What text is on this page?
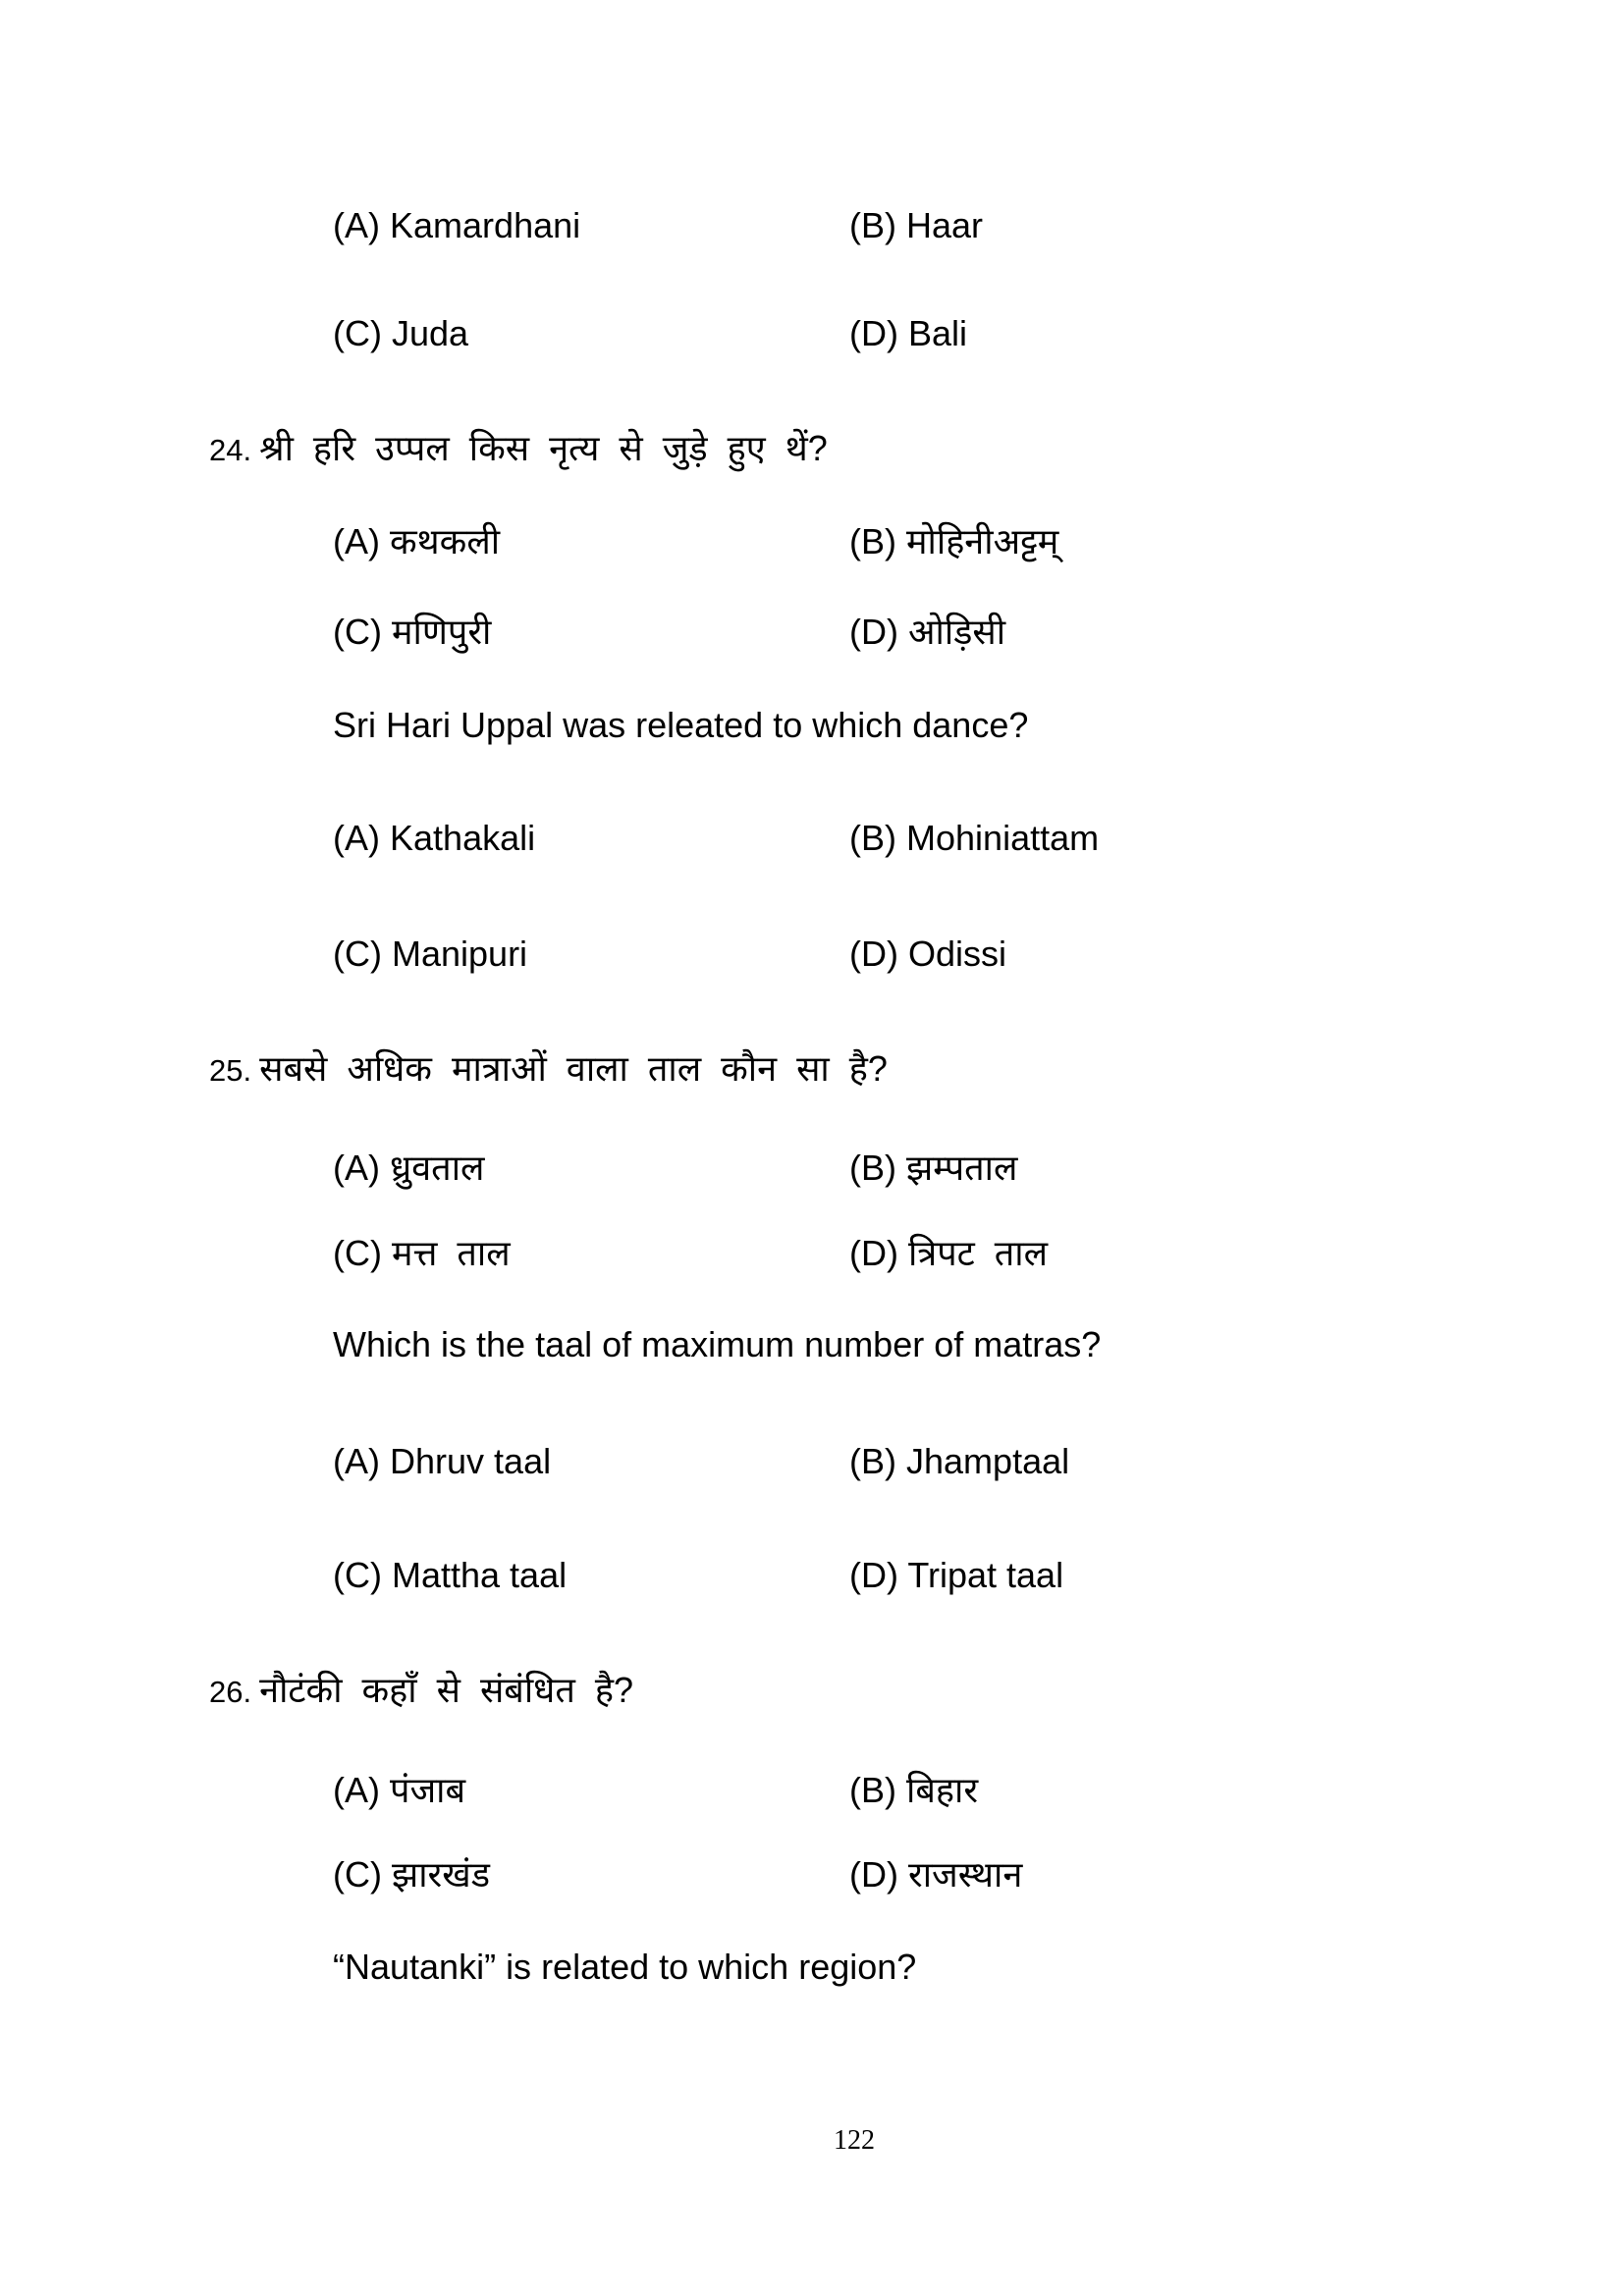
(A) Kamardhani	(B) Haar
(C) Juda	(D) Bali
24. श्री हरि उप्पल किस नृत्य से जुड़े हुए थें?
(A) कथकली	(B) मोहिनीअट्टम्
(C) मणिपुरी	(D) ओड़िसी
Sri Hari Uppal was releated to which dance?
(A) Kathakali	(B) Mohiniattam
(C) Manipuri	(D) Odissi
25. सबसे अधिक मात्राओं वाला ताल कौन सा है?
(A) ध्रुवताल	(B) झम्पताल
(C) मत्त ताल	(D) त्रिपट ताल
Which is the taal of maximum number of matras?
(A) Dhruv taal	(B) Jhamptaal
(C) Mattha taal	(D) Tripat taal
26. नौटंकी कहाँ से संबंधित है?
(A) पंजाब	(B) बिहार
(C) झारखंड	(D) राजस्थान
“Nautanki” is related to which region?
122
